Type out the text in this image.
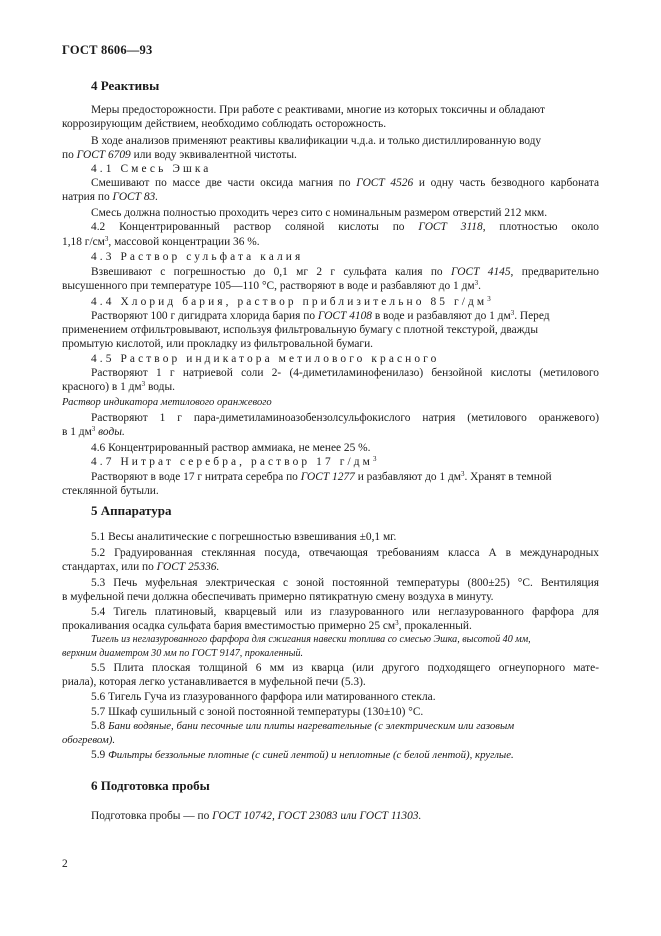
ГОСТ 8606—93
4 Реактивы
Меры предосторожности. При работе с реактивами, многие из которых токсичны и обладают
коррозирующим действием, необходимо соблюдать осторожность.
В ходе анализов применяют реактивы квалификации ч.д.а. и только дистиллированную воду
по ГОСТ 6709 или воду эквивалентной чистоты.
4.1 Смесь Эшка
Смешивают по массе две части оксида магния по ГОСТ 4526 и одну часть безводного карбоната
натрия по ГОСТ 83.
Смесь должна полностью проходить через сито с номинальным размером отверстий 212 мкм.
4.2 Концентрированный раствор соляной кислоты по ГОСТ 3118, плотностью около
1,18 $г/см^3$, массовой концентрации 36 %.
4.3 Раствор сульфата калия
Взвешивают с погрешностью до 0,1 мг 2 г сульфата калия по ГОСТ 4145, предварительно
высушенного при температуре 105—110 °С, растворяют в воде и разбавляют до 1 $дм^3$.
4.4 Хлорид бария, раствор приблизительно 85 $г/дм^3$
Растворяют 100 г дигидрата хлорида бария по ГОСТ 4108 в воде и разбавляют до 1 $дм^3$. Перед
применением отфильтровывают, используя фильтровальную бумагу с плотной текстурой, дважды
промытую кислотой, или прокладку из фильтровальной бумаги.
4.5 Раствор индикатора метилового красного
Растворяют 1 г натриевой соли 2- (4-диметиламинофенилазо) бензойной кислоты (метилового
красного) в 1 $дм^3$ воды.
Раствор индикатора метилового оранжевого
Растворяют 1 г пара-диметиламиноазобензолсульфокислого натрия (метилового оранжевого)
в 1 $дм^3$ воды.
4.6 Концентрированный раствор аммиака, не менее 25 %.
4.7 Нитрат серебра, раствор 17 $г/дм^3$
Растворяют в воде 17 г нитрата серебра по ГОСТ 1277 и разбавляют до 1 $дм^3$. Хранят в темной
стеклянной бутыли.
5 Аппаратура
5.1 Весы аналитические с погрешностью взвешивания ±0,1 мг.
5.2 Градуированная стеклянная посуда, отвечающая требованиям класса А в международных
стандартах, или по ГОСТ 25336.
5.3 Печь муфельная электрическая с зоной постоянной температуры (800±25) °С. Вентиляция
в муфельной печи должна обеспечивать примерно пятикратную смену воздуха в минуту.
5.4 Тигель платиновый, кварцевый или из глазурованного или неглазурованного фарфора для
прокаливания осадка сульфата бария вместимостью примерно 25 $см^3$, прокаленный.
Тигель из неглазурованного фарфора для сжигания навески топлива со смесью Эшка, высотой 40 мм,
верхним диаметром 30 мм по ГОСТ 9147, прокаленный.
5.5 Плита плоская толщиной 6 мм из кварца (или другого подходящего огнеупорного мате-
риала), которая легко устанавливается в муфельной печи (5.3).
5.6 Тигель Гуча из глазурованного фарфора или матированного стекла.
5.7 Шкаф сушильный с зоной постоянной температуры (130±10) °С.
5.8 Бани водяные, бани песочные или плиты нагревательные (с электрическим или газовым
обогревом).
5.9 Фильтры беззольные плотные (с синей лентой) и неплотные (с белой лентой), круглые.
6 Подготовка пробы
Подготовка пробы — по ГОСТ 10742, ГОСТ 23083 или ГОСТ 11303.
2
